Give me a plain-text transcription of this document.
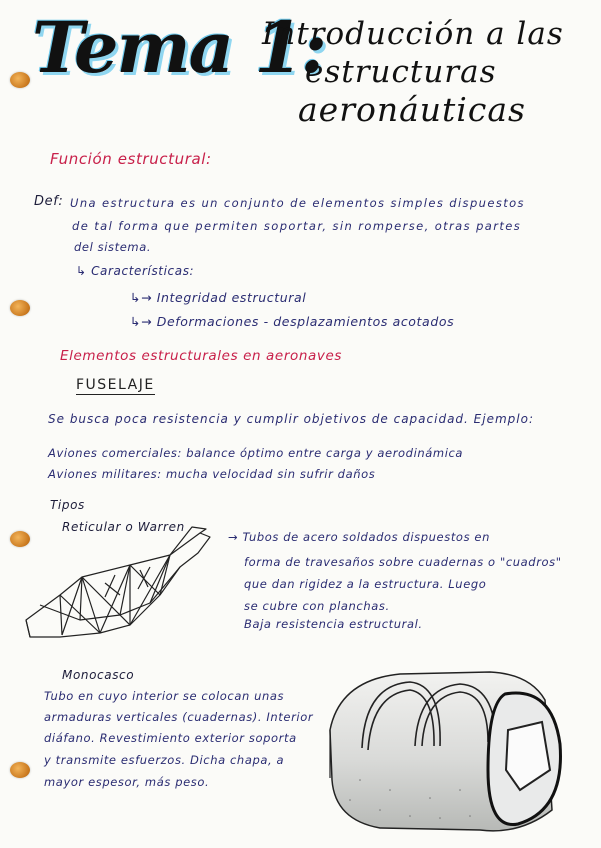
Tema 1:
Introducción a las
estructuras
aeronáuticas
Función estructural:
Def: Una estructura es un conjunto de elementos simples dispuestos
de tal forma que permiten soportar, sin romperse, otras partes
del sistema.
↳ Características:
↳→ Integridad estructural
↳→ Deformaciones - desplazamientos acotados
Elementos estructurales en aeronaves
FUSELAJE
Se busca poca resistencia y cumplir objetivos de capacidad. Ejemplo:
Aviones comerciales: balance óptimo entre carga y aerodinámica
Aviones militares: mucha velocidad sin sufrir daños
Tipos
Reticular o Warren
→ Tubos de acero soldados dispuestos en
forma de travesaños sobre cuadernas o "cuadros"
que dan rigidez a la estructura. Luego
se cubre con planchas.
Baja resistencia estructural.
Monocasco
Tubo en cuyo interior se colocan unas
armaduras verticales (cuadernas). Interior
diáfano. Revestimiento exterior soporta
y transmite esfuerzos. Dicha chapa, a
mayor espesor, más peso.
